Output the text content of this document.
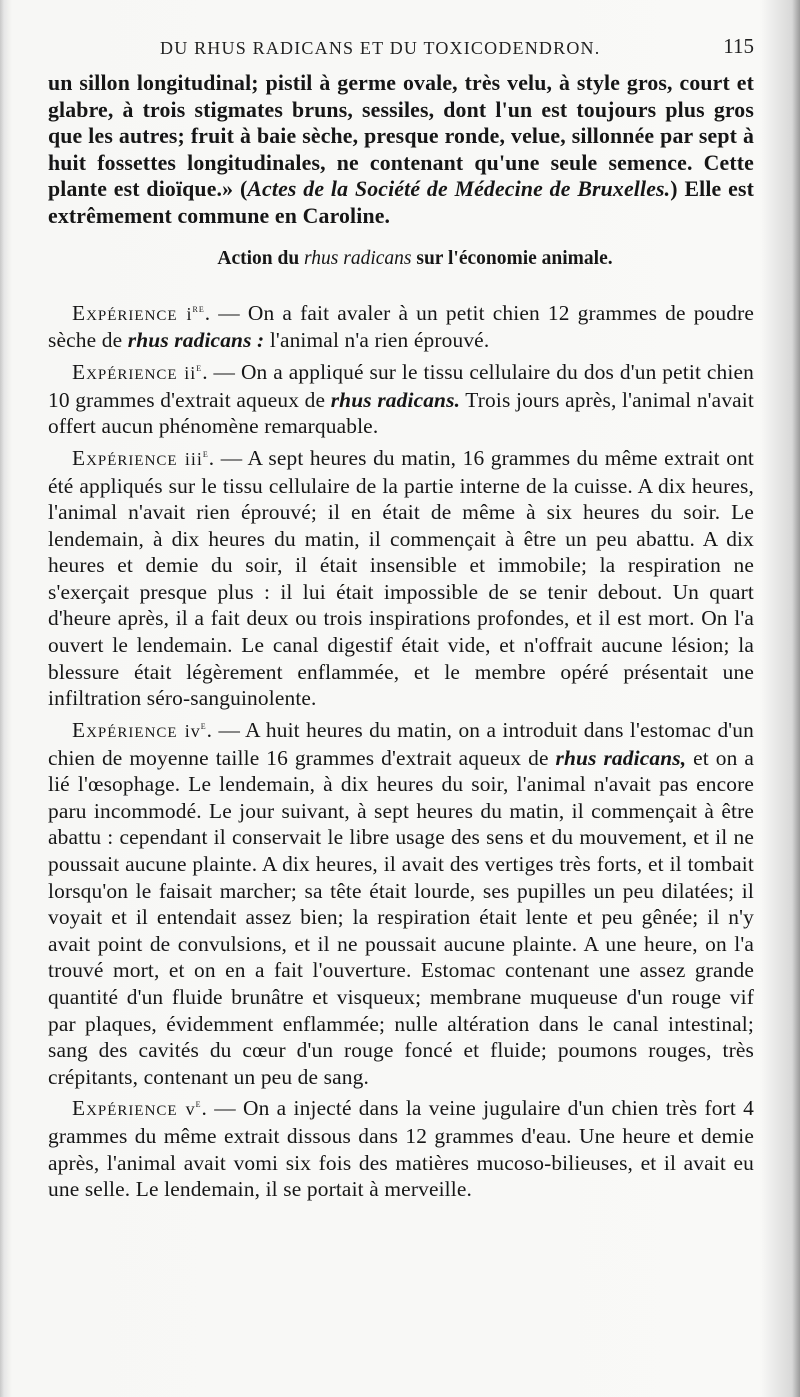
DU RHUS RADICANS ET DU TOXICODENDRON.	115

un sillon longitudinal; pistil à germe ovale, très velu, à style gros, court et glabre, à trois stigmates bruns, sessiles, dont l'un est toujours plus gros que les autres; fruit à baie sèche, presque ronde, velue, sillonnée par sept à huit fossettes longitudinales, ne contenant qu'une seule semence. Cette plante est dioïque.» (Actes de la Société de Médecine de Bruxelles.) Elle est extrêmement commune en Caroline.

Action du rhus radicans sur l'économie animale.

Expérience $i^{re}$. — On a fait avaler à un petit chien 12 grammes de poudre sèche de rhus radicans : l'animal n'a rien éprouvé.

Expérience $ii^e$. — On a appliqué sur le tissu cellulaire du dos d'un petit chien 10 grammes d'extrait aqueux de rhus radicans. Trois jours après, l'animal n'avait offert aucun phénomène remarquable.

Expérience iii$^e$. — A sept heures du matin, 16 grammes du même extrait ont été appliqués sur le tissu cellulaire de la partie interne de la cuisse. A dix heures, l'animal n'avait rien éprouvé; il en était de même à six heures du soir. Le lendemain, à dix heures du matin, il commençait à être un peu abattu. A dix heures et demie du soir, il était insensible et immobile; la respiration ne s'exerçait presque plus : il lui était impossible de se tenir debout. Un quart d'heure après, il a fait deux ou trois inspirations profondes, et il est mort. On l'a ouvert le lendemain. Le canal digestif était vide, et n'offrait aucune lésion; la blessure était légèrement enflammée, et le membre opéré présentait une infiltration séro-sanguinolente.

Expérience $iv^e$. — A huit heures du matin, on a introduit dans l'estomac d'un chien de moyenne taille 16 grammes d'extrait aqueux de rhus radicans, et on a lié l'œsophage. Le lendemain, à dix heures du soir, l'animal n'avait pas encore paru incommodé. Le jour suivant, à sept heures du matin, il commençait à être abattu : cependant il conservait le libre usage des sens et du mouvement, et il ne poussait aucune plainte. A dix heures, il avait des vertiges très forts, et il tombait lorsqu'on le faisait marcher; sa tête était lourde, ses pupilles un peu dilatées; il voyait et il entendait assez bien; la respiration était lente et peu gênée; il n'y avait point de convulsions, et il ne poussait aucune plainte. A une heure, on l'a trouvé mort, et on en a fait l'ouverture. Estomac contenant une assez grande quantité d'un fluide brunâtre et visqueux; membrane muqueuse d'un rouge vif par plaques, évidemment enflammée; nulle altération dans le canal intestinal; sang des cavités du cœur d'un rouge foncé et fluide; poumons rouges, très crépitants, contenant un peu de sang.

Expérience $v^e$. — On a injecté dans la veine jugulaire d'un chien très fort 4 grammes du même extrait dissous dans 12 grammes d'eau. Une heure et demie après, l'animal avait vomi six fois des matières mucoso-bilieuses, et il avait eu une selle. Le lendemain, il se portait à merveille.
